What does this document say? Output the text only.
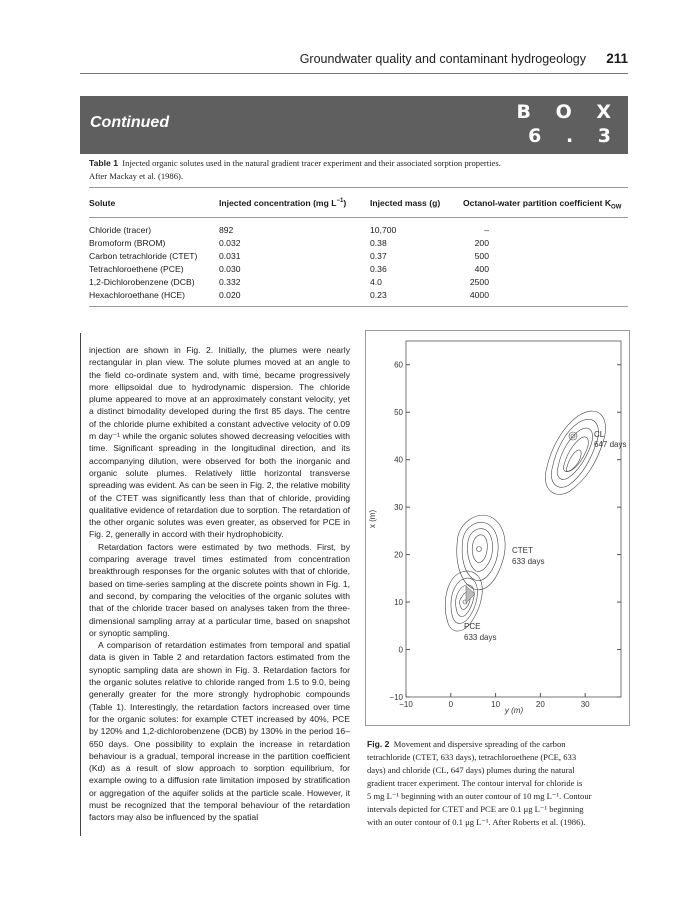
Groundwater quality and contaminant hydrogeology 211
Continued	B O X
6 . 3
Table 1 Injected organic solutes used in the natural gradient tracer experiment and their associated sorption properties.
After Mackay et al. (1986).
Solute	Injected concentration (mg $L^{-1}$)	Injected mass (g)	Octanol-water partition coefficient $K_{OW}$
Chloride (tracer)	892	10,700	–
Bromoform (BROM)	0.032	0.38	200
Carbon tetrachloride (CTET)	0.031	0.37	500
Tetrachloroethene (PCE)	0.030	0.36	400
1,2-Dichlorobenzene (DCB)	0.332	4.0	2500
Hexachloroethane (HCE)	0.020	0.23	4000

injection are shown in Fig. 2. Initially, the plumes were nearly rectangular in plan view. The solute plumes moved at an angle to the field co-ordinate system and, with time, became progressively more ellipsoidal due to hydrodynamic dispersion. The chloride plume appeared to move at an approximately constant velocity, yet a distinct bimodality developed during the first 85 days. The centre of the chloride plume exhibited a constant advective velocity of 0.09 m day⁻¹ while the organic solutes showed decreasing velocities with time. Significant spreading in the longitudinal direction, and its accompanying dilution, were observed for both the inorganic and organic solute plumes. Relatively little horizontal transverse spreading was evident. As can be seen in Fig. 2, the relative mobility of the CTET was significantly less than that of chloride, providing qualitative evidence of retardation due to sorption. The retardation of the other organic solutes was even greater, as observed for PCE in Fig. 2, generally in accord with their hydrophobicity.

Retardation factors were estimated by two methods. First, by comparing average travel times estimated from concentration breakthrough responses for the organic solutes with that of chloride, based on time-series sampling at the discrete points shown in Fig. 1, and second, by comparing the velocities of the organic solutes with that of the chloride tracer based on analyses taken from the three-dimensional sampling array at a particular time, based on snapshot or synoptic sampling.

A comparison of retardation estimates from temporal and spatial data is given in Table 2 and retardation factors estimated from the synoptic sampling data are shown in Fig. 3. Retardation factors for the organic solutes relative to chloride ranged from 1.5 to 9.0, being generally greater for the more strongly hydrophobic compounds (Table 1). Interestingly, the retardation factors increased over time for the organic solutes: for example CTET increased by 40%, PCE by 120% and 1,2-dichlorobenzene (DCB) by 130% in the period 16–650 days. One possibility to explain the increase in retardation behaviour is a gradual, temporal increase in the partition coefficient (Kd) as a result of slow approach to sorption equilibrium, for example owing to a diffusion rate limitation imposed by stratification or aggregation of the aquifer solids at the particle scale. However, it must be recognized that the temporal behaviour of the retardation factors may also be influenced by the spatial

x (m)
y (m)
−10	0	10	20	30
60
50
40
30
20
10
0
−10
CL
647 days
CTET
633 days
PCE
633 days
Fig. 2 Movement and dispersive spreading of the carbon
tetrachloride (CTET, 633 days), tetrachloroethene (PCE, 633
days) and chloride (CL, 647 days) plumes during the natural
gradient tracer experiment. The contour interval for chloride is
5 mg L⁻¹ beginning with an outer contour of 10 mg L⁻¹. Contour
intervals depicted for CTET and PCE are 0.1 μg L⁻¹ beginning
with an outer contour of 0.1 μg L⁻¹. After Roberts et al. (1986).
